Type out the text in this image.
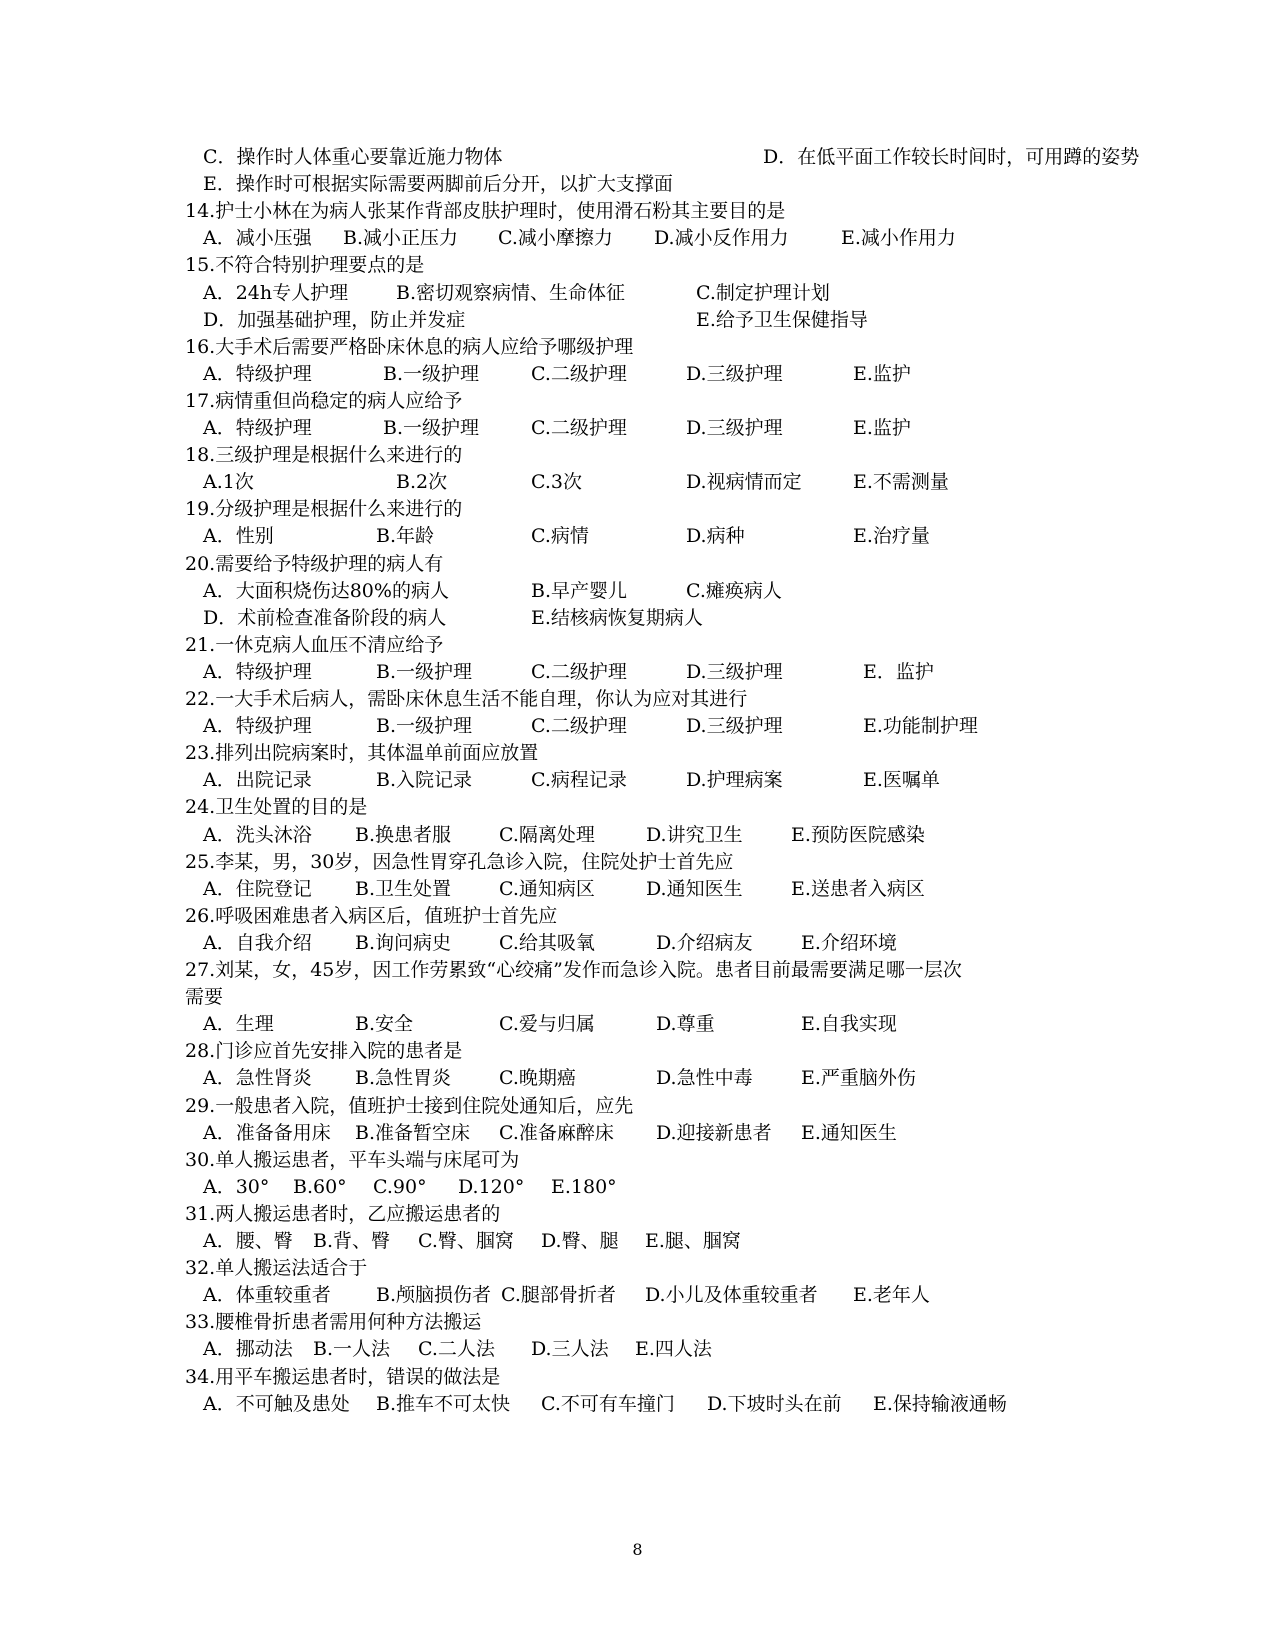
C．操作时人体重心要靠近施力物体	D．在低平面工作较长时间时，可用蹲的姿势
E．操作时可根据实际需要两脚前后分开，以扩大支撑面
14.护士小林在为病人张某作背部皮肤护理时，使用滑石粉其主要目的是
A．减小压强 B.减小正压力 C.减小摩擦力 D.减小反作用力	E.减小作用力
15.不符合特别护理要点的是
A．24h专人护理	B.密切观察病情、生命体征	C.制定护理计划
D．加强基础护理，防止并发症	E.给予卫生保健指导
16.大手术后需要严格卧床休息的病人应给予哪级护理
A．特级护理	B.一级护理	C.二级护理	D.三级护理	E.监护
17.病情重但尚稳定的病人应给予
A．特级护理	B.一级护理	C.二级护理	D.三级护理	E.监护
18.三级护理是根据什么来进行的
A.1次	B.2次	C.3次	D.视病情而定	E.不需测量
19.分级护理是根据什么来进行的
A．性别	B.年龄	C.病情	D.病种	E.治疗量
20.需要给予特级护理的病人有
A．大面积烧伤达80%的病人	B.早产婴儿	C.瘫痪病人
D．术前检查准备阶段的病人	E.结核病恢复期病人
21.一休克病人血压不清应给予
A．特级护理	B.一级护理	C.二级护理	D.三级护理	E．监护
22.一大手术后病人，需卧床休息生活不能自理，你认为应对其进行
A．特级护理	B.一级护理	C.二级护理	D.三级护理	E.功能制护理
23.排列出院病案时，其体温单前面应放置
A．出院记录	B.入院记录	C.病程记录	D.护理病案	E.医嘱单
24.卫生处置的目的是
A．洗头沐浴 B.换患者服	C.隔离处理	D.讲究卫生	E.预防医院感染
25.李某，男，30岁，因急性胃穿孔急诊入院，住院处护士首先应
A．住院登记 B.卫生处置	C.通知病区	D.通知医生	E.送患者入病区
26.呼吸困难患者入病区后，值班护士首先应
A．自我介绍 B.询问病史	C.给其吸氧	D.介绍病友	E.介绍环境
27.刘某，女，45岁，因工作劳累致“心绞痛”发作而急诊入院。患者目前最需要满足哪一层次
需要
A．生理	B.安全	C.爱与归属	D.尊重	E.自我实现
28.门诊应首先安排入院的患者是
A．急性肾炎 B.急性胃炎	C.晚期癌	D.急性中毒	E.严重脑外伤
29.一般患者入院，值班护士接到住院处通知后，应先
A．准备备用床 B.准备暂空床 C.准备麻醉床 D.迎接新患者 E.通知医生
30.单人搬运患者，平车头端与床尾可为
A．30° B.60° C.90° D.120° E.180°
31.两人搬运患者时，乙应搬运患者的
A．腰、臀 B.背、臀 C.臀、腘窝 D.臀、腿 E.腿、腘窝
32.单人搬运法适合于
A．体重较重者 B.颅脑损伤者 C.腿部骨折者 D.小儿及体重较重者 E.老年人
33.腰椎骨折患者需用何种方法搬运
A．挪动法 B.一人法 C.二人法 D.三人法 E.四人法
34.用平车搬运患者时，错误的做法是
A．不可触及患处 B.推车不可太快 C.不可有车撞门 D.下坡时头在前 E.保持输液通畅
8
